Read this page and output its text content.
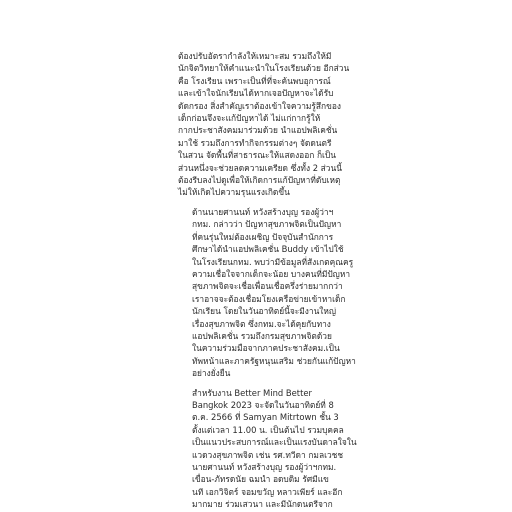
ต้องปรับอัตรากำลังให้เหมาะสม รวมถึงให้มี
นักจิตวิทยาให้คำแนะนำในโรงเรียนด้วย อีกส่วน
คือ โรงเรียน เพราะเป็นที่ที่จะค้นพบอุการณ์
และเข้าใจนักเรียนได้หากเจอปัญหาจะได้รับ
ดัดกรอง สิ่งสำคัญเราต้องเข้าใจความรู้สึกของ
เด็กก่อนจึงจะแก้ปัญหาได้ ไม่แก่กากรู้ให้
กากประชาสังคมมาร่วมด้วย นำแอปพลิเคชั่น
มาใช้ รวมถึงการทำกิจกรรมต่างๆ จัดดนตรี
ในสวน จัดพื้นที่สาธารณะให้แสดงออก ก็เป็น
ส่วนหนึ่งจะช่วยลดความเครียด ซึ่งทั้ง 2 ส่วนนี้
ต้องรีบลงไปดูเพื่อให้เกิดการแก้ปัญหาที่ดับเหตุ
ไม่ให้เกิดไปความรุนแรงเกิดขึ้น

ด้านนายศานนท์ หวังสร้างบุญ รองผู้ว่าฯ
กทม. กล่าวว่า ปัญหาสุขภาพจิตเป็นปัญหา
ที่คนรุ่นใหม่ต้องเผชิญ ปัจจุบันสำนักการ
ศึกษาได้นำแอปพลิเคชั่น Buddy เข้าไปใช้
ในโรงเรียนกทม. พบว่ามีข้อมูลที่สังเกตคุณครู
ความเชื่อใจจากเด็กจะน้อย บางคนที่มีปัญหา
สุขภาพจิตจะเชื่อเพื่อนเชื่อครึ่งร่ายมากกว่า
เราอาจจะต้องเชื่อมโยงเครือข่ายเข้าหาเด็ก
นักเรียน โดยในวันอาทิตย์นี้จะมีงานใหญ่
เรื่องสุขภาพจิต ซึ่งกทม.จะได้คุยกับทาง
แอปพลิเคชั่น รวมถึงกรมสุขภาพจิตด้วย
ในความร่วมมือจากภาคประชาสังคม.เป็น
ทัพหน้าและภาครัฐหนุนเสริม ช่วยกันแก้ปัญหา
อย่างยั่งยืน

สำหรับงาน Better Mind Better
Bangkok 2023 จะจัดในวันอาทิตย์ที่ 8
ต.ค. 2566 ที่ Samyan Mitrtown ชั้น 3
ตั้งแต่เวลา 11.00 น. เป็นต้นไป รวมบุคคล
เป็นแนวประสบการณ์และเป็นแรงบันดาลใจใน
แวดวงสุขภาพจิต เช่น รศ.ทวีดา กมลเวชช
นายศานนท์ หวังสร้างบุญ รองผู้ว่าฯกทม.
เขื่อน-ภัทรดนัย ฉมนำ อดบดิม รัศมีแข
นที เอกวิจิตร์ จอมขวัญ หลาวเพียร์ และอีก
มากมาย ร่วมเสวนา และมีนักดนตรีจาก
